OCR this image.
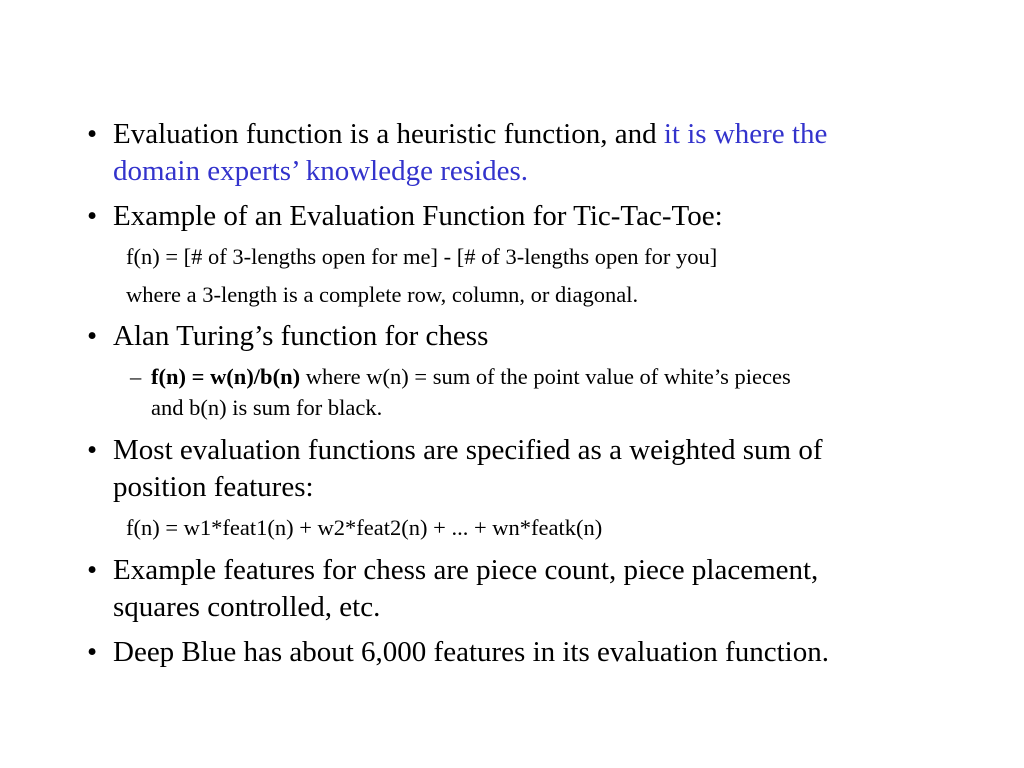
• Evaluation function is a heuristic function, and it is where the
domain experts’ knowledge resides.
• Example of an Evaluation Function for Tic-Tac-Toe:
f(n) = [# of 3-lengths open for me] - [# of 3-lengths open for you]
where a 3-length is a complete row, column, or diagonal.
• Alan Turing’s function for chess
– f(n) = w(n)/b(n) where w(n) = sum of the point value of white’s pieces
and b(n) is sum for black.
• Most evaluation functions are specified as a weighted sum of
position features:
f(n) = w1*feat1(n) + w2*feat2(n) + ... + wn*featk(n)
• Example features for chess are piece count, piece placement,
squares controlled, etc.
• Deep Blue has about 6,000 features in its evaluation function.
